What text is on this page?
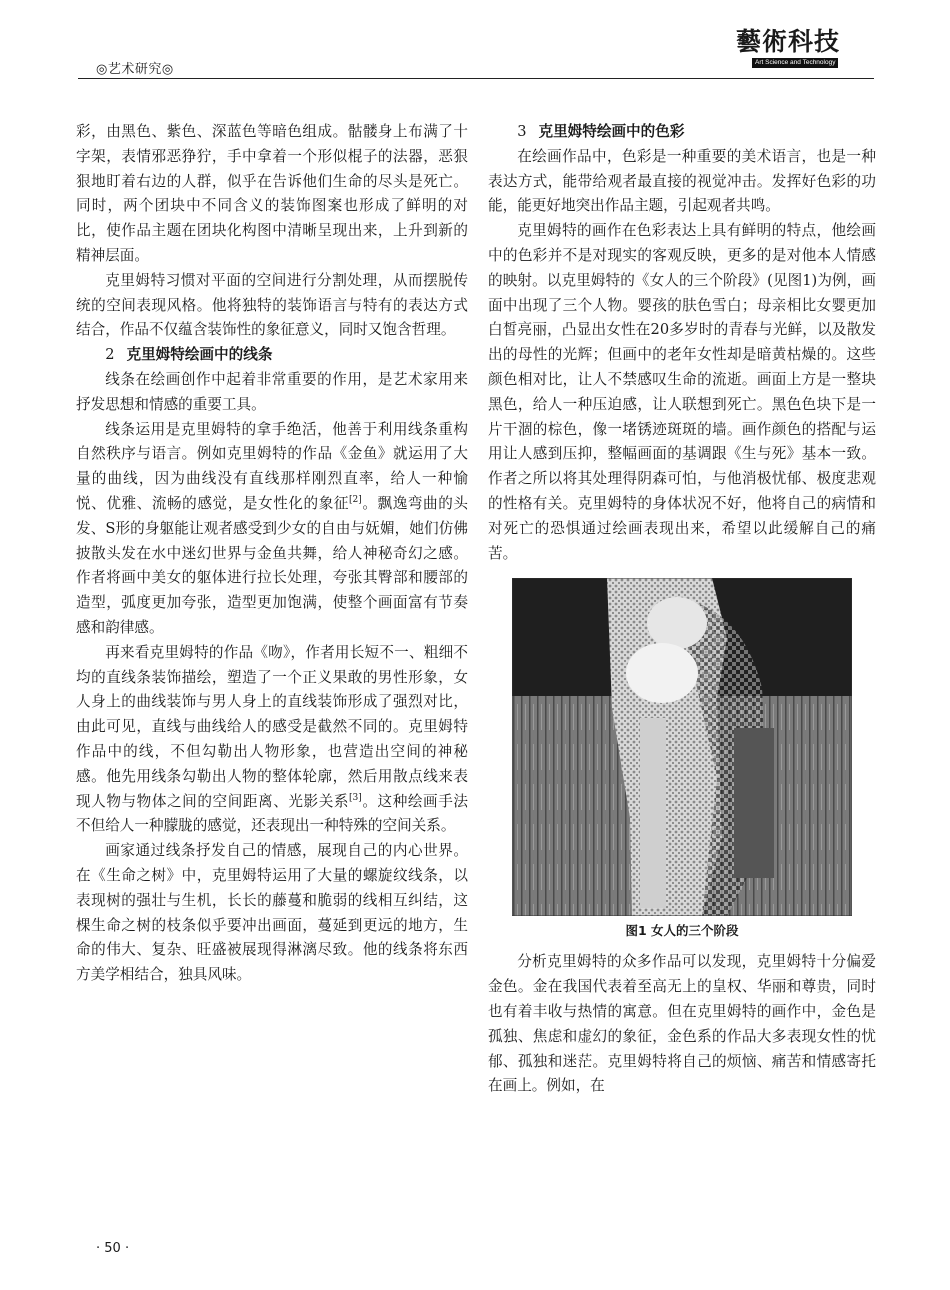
◎艺术研究◎
藝術科技
Art Science and Technology

彩，由黑色、紫色、深蓝色等暗色组成。骷髅身上布满了十字架，表情邪恶狰狞，手中拿着一个形似棍子的法器，恶狠狠地盯着右边的人群，似乎在告诉他们生命的尽头是死亡。同时，两个团块中不同含义的装饰图案也形成了鲜明的对比，使作品主题在团块化构图中清晰呈现出来，上升到新的精神层面。

克里姆特习惯对平面的空间进行分割处理，从而摆脱传统的空间表现风格。他将独特的装饰语言与特有的表达方式结合，作品不仅蕴含装饰性的象征意义，同时又饱含哲理。

2 克里姆特绘画中的线条

线条在绘画创作中起着非常重要的作用，是艺术家用来抒发思想和情感的重要工具。

线条运用是克里姆特的拿手绝活，他善于利用线条重构自然秩序与语言。例如克里姆特的作品《金鱼》就运用了大量的曲线，因为曲线没有直线那样刚烈直率，给人一种愉悦、优雅、流畅的感觉，是女性化的象征[2]。飘逸弯曲的头发、S形的身躯能让观者感受到少女的自由与妩媚，她们仿佛披散头发在水中迷幻世界与金鱼共舞，给人神秘奇幻之感。作者将画中美女的躯体进行拉长处理，夸张其臀部和腰部的造型，弧度更加夸张，造型更加饱满，使整个画面富有节奏感和韵律感。

再来看克里姆特的作品《吻》，作者用长短不一、粗细不均的直线条装饰描绘，塑造了一个正义果敢的男性形象，女人身上的曲线装饰与男人身上的直线装饰形成了强烈对比，由此可见，直线与曲线给人的感受是截然不同的。克里姆特作品中的线，不但勾勒出人物形象，也营造出空间的神秘感。他先用线条勾勒出人物的整体轮廓，然后用散点线来表现人物与物体之间的空间距离、光影关系[3]。这种绘画手法不但给人一种朦胧的感觉，还表现出一种特殊的空间关系。

画家通过线条抒发自己的情感，展现自己的内心世界。在《生命之树》中，克里姆特运用了大量的螺旋纹线条，以表现树的强壮与生机，长长的藤蔓和脆弱的线相互纠结，这棵生命之树的枝条似乎要冲出画面，蔓延到更远的地方，生命的伟大、复杂、旺盛被展现得淋漓尽致。他的线条将东西方美学相结合，独具风味。

3 克里姆特绘画中的色彩

在绘画作品中，色彩是一种重要的美术语言，也是一种表达方式，能带给观者最直接的视觉冲击。发挥好色彩的功能，能更好地突出作品主题，引起观者共鸣。

克里姆特的画作在色彩表达上具有鲜明的特点，他绘画中的色彩并不是对现实的客观反映，更多的是对他本人情感的映射。以克里姆特的《女人的三个阶段》(见图1)为例，画面中出现了三个人物。婴孩的肤色雪白；母亲相比女婴更加白皙亮丽，凸显出女性在20多岁时的青春与光鲜，以及散发出的母性的光辉；但画中的老年女性却是暗黄枯燥的。这些颜色相对比，让人不禁感叹生命的流逝。画面上方是一整块黑色，给人一种压迫感，让人联想到死亡。黑色色块下是一片干涸的棕色，像一堵锈迹斑斑的墙。画作颜色的搭配与运用让人感到压抑，整幅画面的基调跟《生与死》基本一致。作者之所以将其处理得阴森可怕，与他消极忧郁、极度悲观的性格有关。克里姆特的身体状况不好，他将自己的病情和对死亡的恐惧通过绘画表现出来，希望以此缓解自己的痛苦。

图1 女人的三个阶段

分析克里姆特的众多作品可以发现，克里姆特十分偏爱金色。金在我国代表着至高无上的皇权、华丽和尊贵，同时也有着丰收与热情的寓意。但在克里姆特的画作中，金色是孤独、焦虑和虚幻的象征，金色系的作品大多表现女性的忧郁、孤独和迷茫。克里姆特将自己的烦恼、痛苦和情感寄托在画上。例如，在

· 50 ·
